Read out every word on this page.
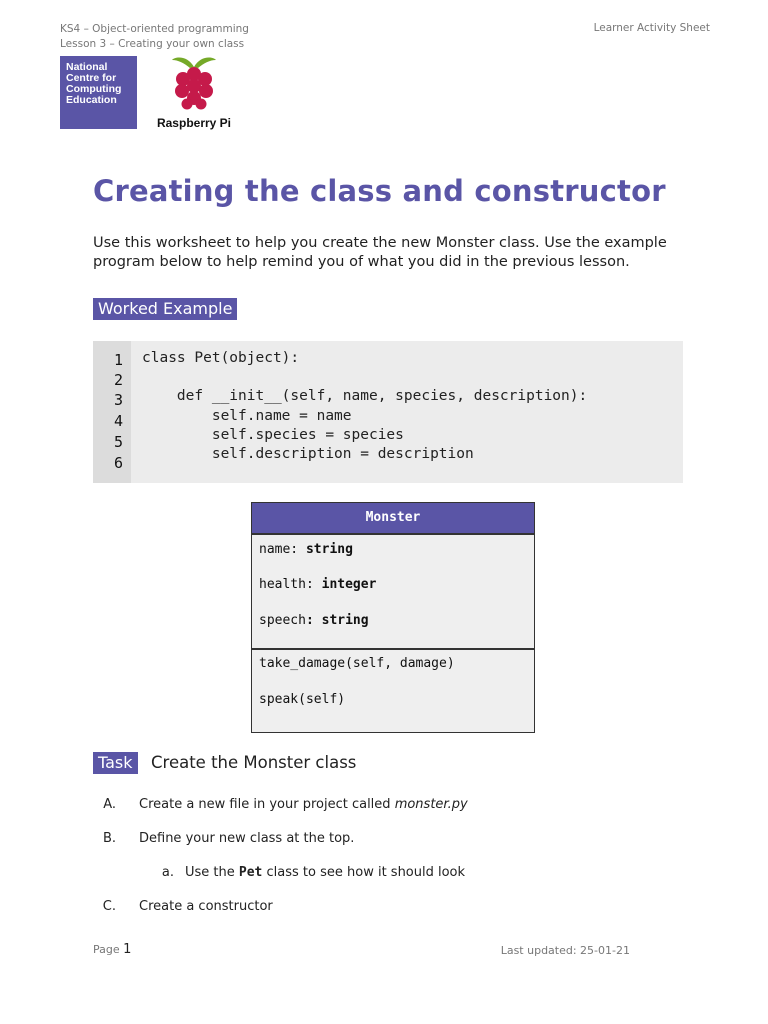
KS4 – Object-oriented programming
Lesson 3 – Creating your own class
Learner Activity Sheet
National
Centre for
Computing
Education
Raspberry Pi
Creating the class and constructor
Use this worksheet to help you create the new Monster class. Use the example program below to help remind you of what you did in the previous lesson.
Worked Example
1
2
3
4
5
6
class Pet(object):
def __init__(self, name, species, description):
self.name = name
self.species = species
self.description = description
Monster
name: string
health: integer
speech: string
take_damage(self, damage)
speak(self)
Task	Create the Monster class
A. Create a new file in your project called monster.py
B. Define your new class at the top.
a. Use the Pet class to see how it should look
C. Create a constructor
Page 1	Last updated: 25-01-21
